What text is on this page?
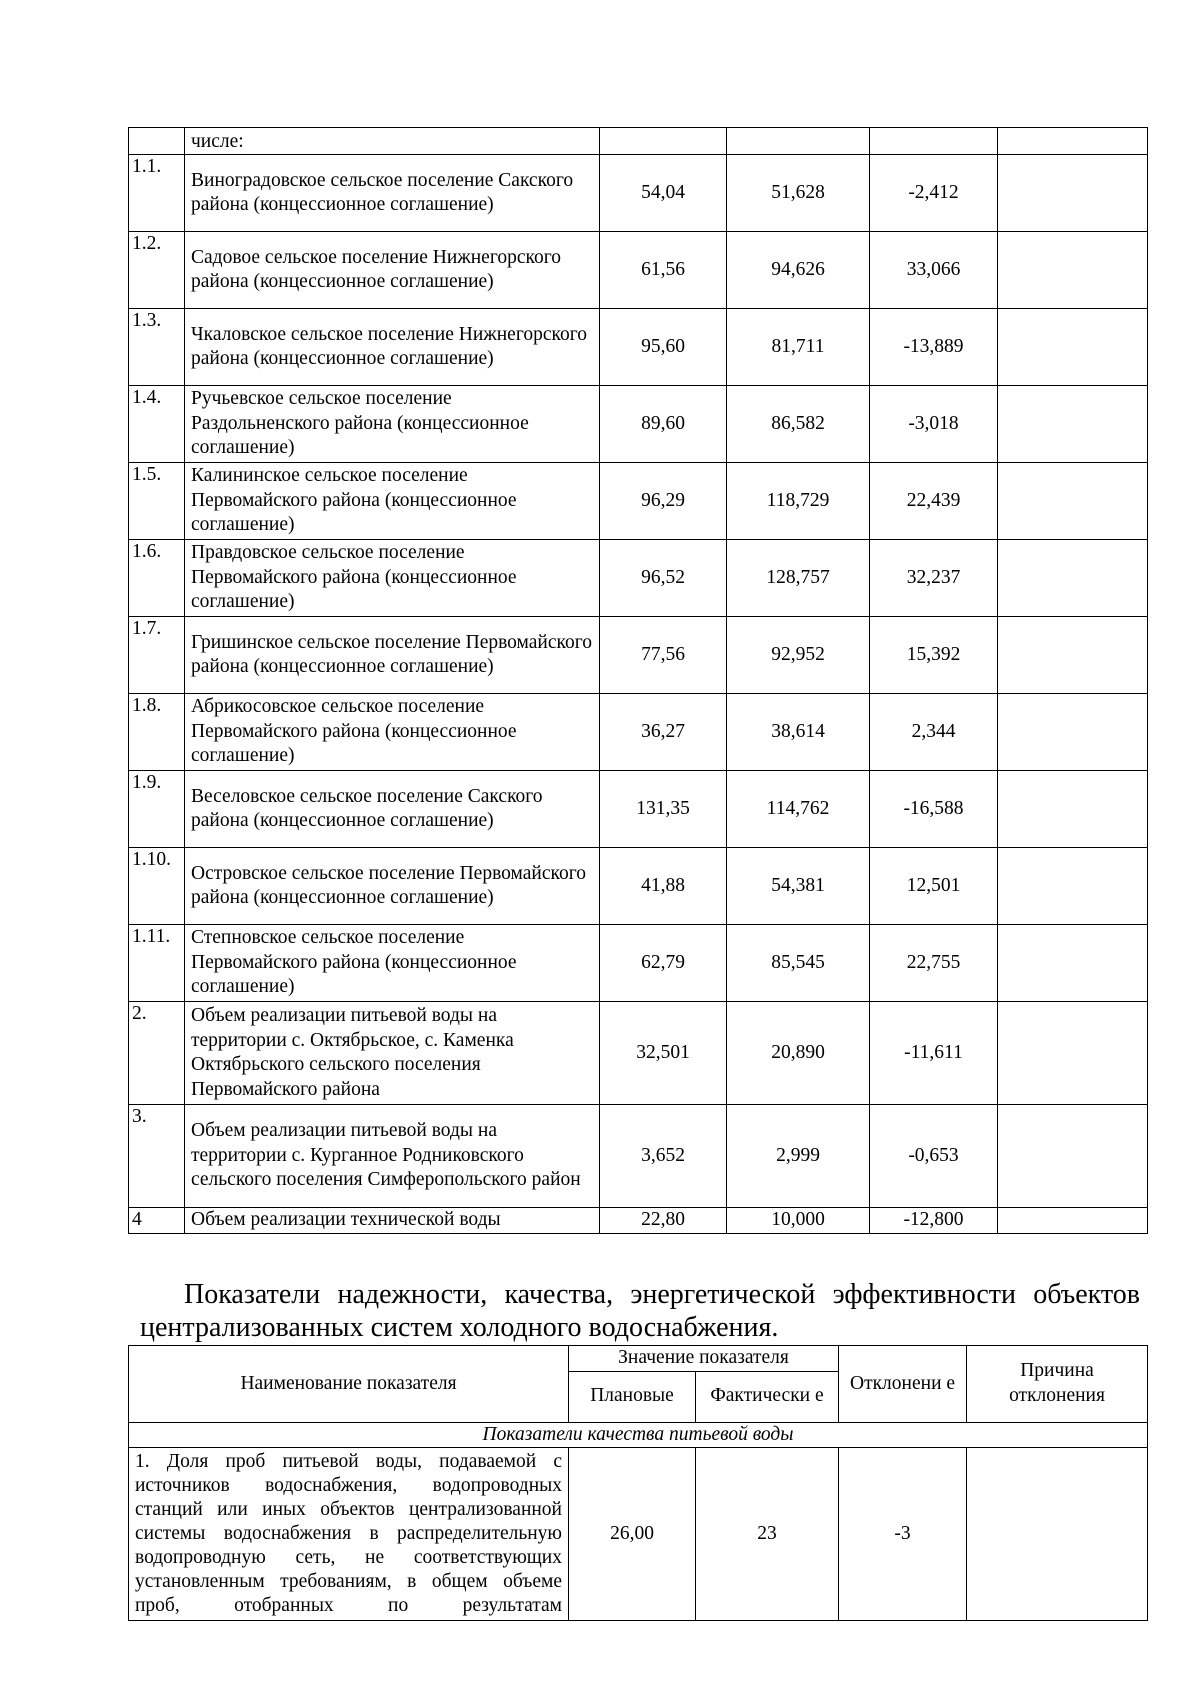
	числе:				
1.1.	Виноградовское сельское поселение Сакского района (концессионное соглашение)	54,04	51,628	-2,412	
1.2.	Садовое сельское поселение Нижнегорского района (концессионное соглашение)	61,56	94,626	33,066	
1.3.	Чкаловское сельское поселение Нижнегорского района (концессионное соглашение)	95,60	81,711	-13,889	
1.4.	Ручьевское сельское поселение Раздольненского района (концессионное соглашение)	89,60	86,582	-3,018	
1.5.	Калининское сельское поселение Первомайского района (концессионное соглашение)	96,29	118,729	22,439	
1.6.	Правдовское сельское поселение Первомайского района (концессионное соглашение)	96,52	128,757	32,237	
1.7.	Гришинское сельское поселение Первомайского района (концессионное соглашение)	77,56	92,952	15,392	
1.8.	Абрикосовское сельское поселение Первомайского района (концессионное соглашение)	36,27	38,614	2,344	
1.9.	Веселовское сельское поселение Сакского района (концессионное соглашение)	131,35	114,762	-16,588	
1.10.	Островское сельское поселение Первомайского района (концессионное соглашение)	41,88	54,381	12,501	
1.11.	Степновское сельское поселение Первомайского района (концессионное соглашение)	62,79	85,545	22,755	
2.	Объем реализации питьевой воды на территории с. Октябрьское, с. Каменка Октябрьского сельского поселения Первомайского района	32,501	20,890	-11,611	
3.	Объем реализации питьевой воды на территории с. Курганное Родниковского сельского поселения Симферопольского район	3,652	2,999	-0,653	
4	Объем реализации технической воды	22,80	10,000	-12,800	

Показатели надежности, качества, энергетической эффективности объектов централизованных систем холодного водоснабжения.

Наименование показателя	Значение показателя		Отклонени е	Причина отклонения
	Плановые	Фактически е		
Показатели качества питьевой воды				
1. Доля проб питьевой воды, подаваемой с источников водоснабжения, водопроводных станций или иных объектов централизованной системы водоснабжения в распределительную водопроводную сеть, не соответствующих установленным требованиям, в общем объеме проб, отобранных по результатам	26,00	23	-3	
